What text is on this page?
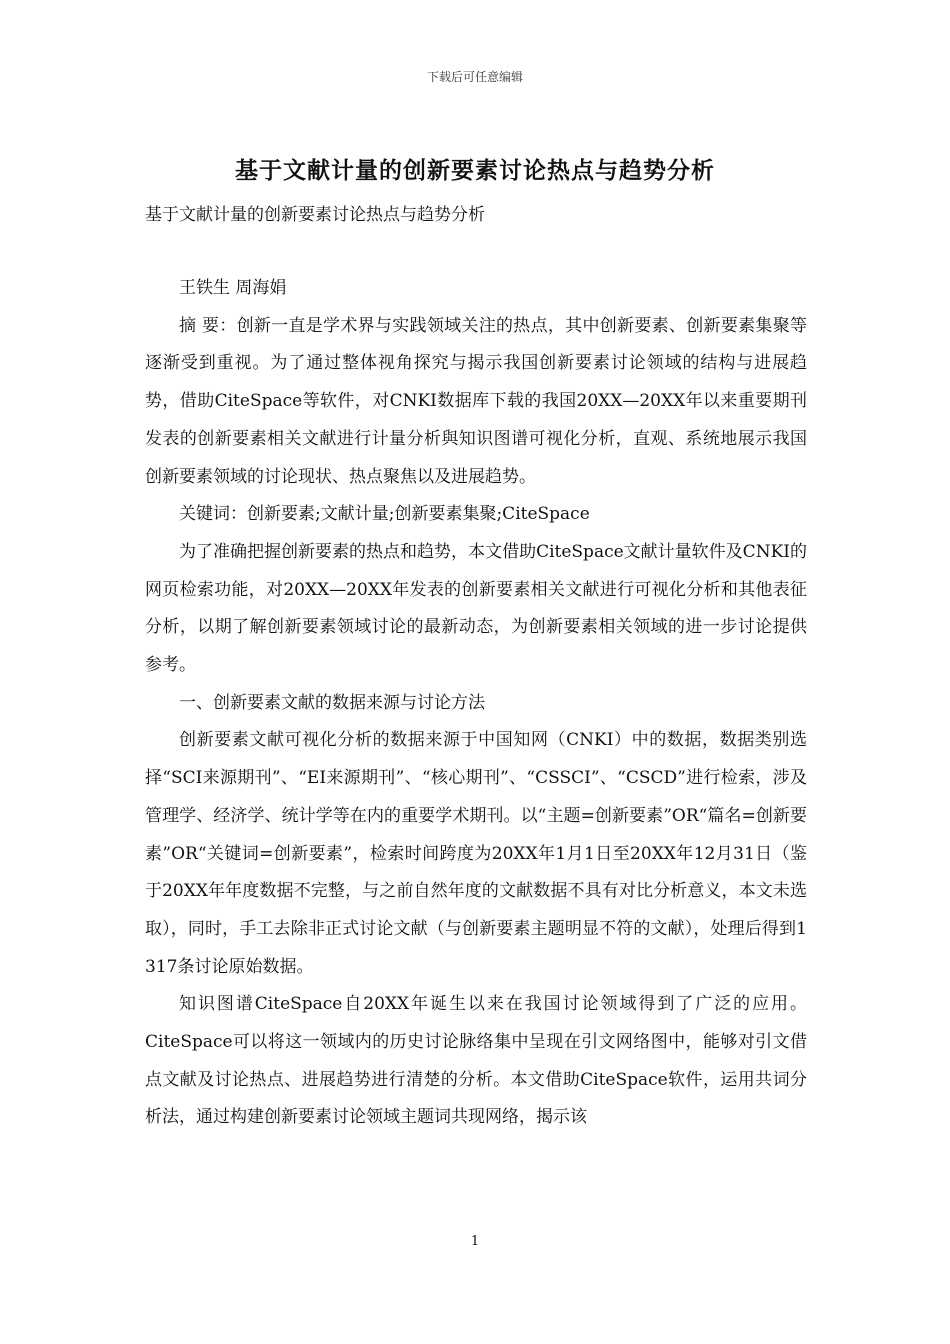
下载后可任意编辑
基于文献计量的创新要素讨论热点与趋势分析
基于文献计量的创新要素讨论热点与趋势分析

王铁生 周海娟

摘 要：创新一直是学术界与实践领域关注的热点，其中创新要素、创新要素集聚等逐渐受到重视。为了通过整体视角探究与揭示我国创新要素讨论领域的结构与进展趋势，借助CiteSpace等软件，对CNKI数据库下载的我国20XX—20XX年以来重要期刊发表的创新要素相关文献进行计量分析與知识图谱可视化分析，直观、系统地展示我国创新要素领域的讨论现状、热点聚焦以及进展趋势。

关键词：创新要素;文献计量;创新要素集聚;CiteSpace

为了准确把握创新要素的热点和趋势，本文借助CiteSpace文献计量软件及CNKI的网页检索功能，对20XX—20XX年发表的创新要素相关文献进行可视化分析和其他表征分析，以期了解创新要素领域讨论的最新动态，为创新要素相关领域的进一步讨论提供参考。

一、创新要素文献的数据来源与讨论方法

创新要素文献可视化分析的数据来源于中国知网（CNKI）中的数据，数据类别选择“SCI来源期刊”、“EI来源期刊”、“核心期刊”、“CSSCI”、“CSCD”进行检索，涉及管理学、经济学、统计学等在内的重要学术期刊。以“主题=创新要素”OR“篇名=创新要素”OR“关键词=创新要素”，检索时间跨度为20XX年1月1日至20XX年12月31日（鉴于20XX年年度数据不完整，与之前自然年度的文献数据不具有对比分析意义，本文未选取），同时，手工去除非正式讨论文献（与创新要素主题明显不符的文献），处理后得到1 317条讨论原始数据。

知识图谱CiteSpace自20XX年诞生以来在我国讨论领域得到了广泛的应用。CiteSpace可以将这一领域内的历史讨论脉络集中呈现在引文网络图中，能够对引文借点文献及讨论热点、进展趋势进行清楚的分析。本文借助CiteSpace软件，运用共词分析法，通过构建创新要素讨论领域主题词共现网络，揭示该

1
